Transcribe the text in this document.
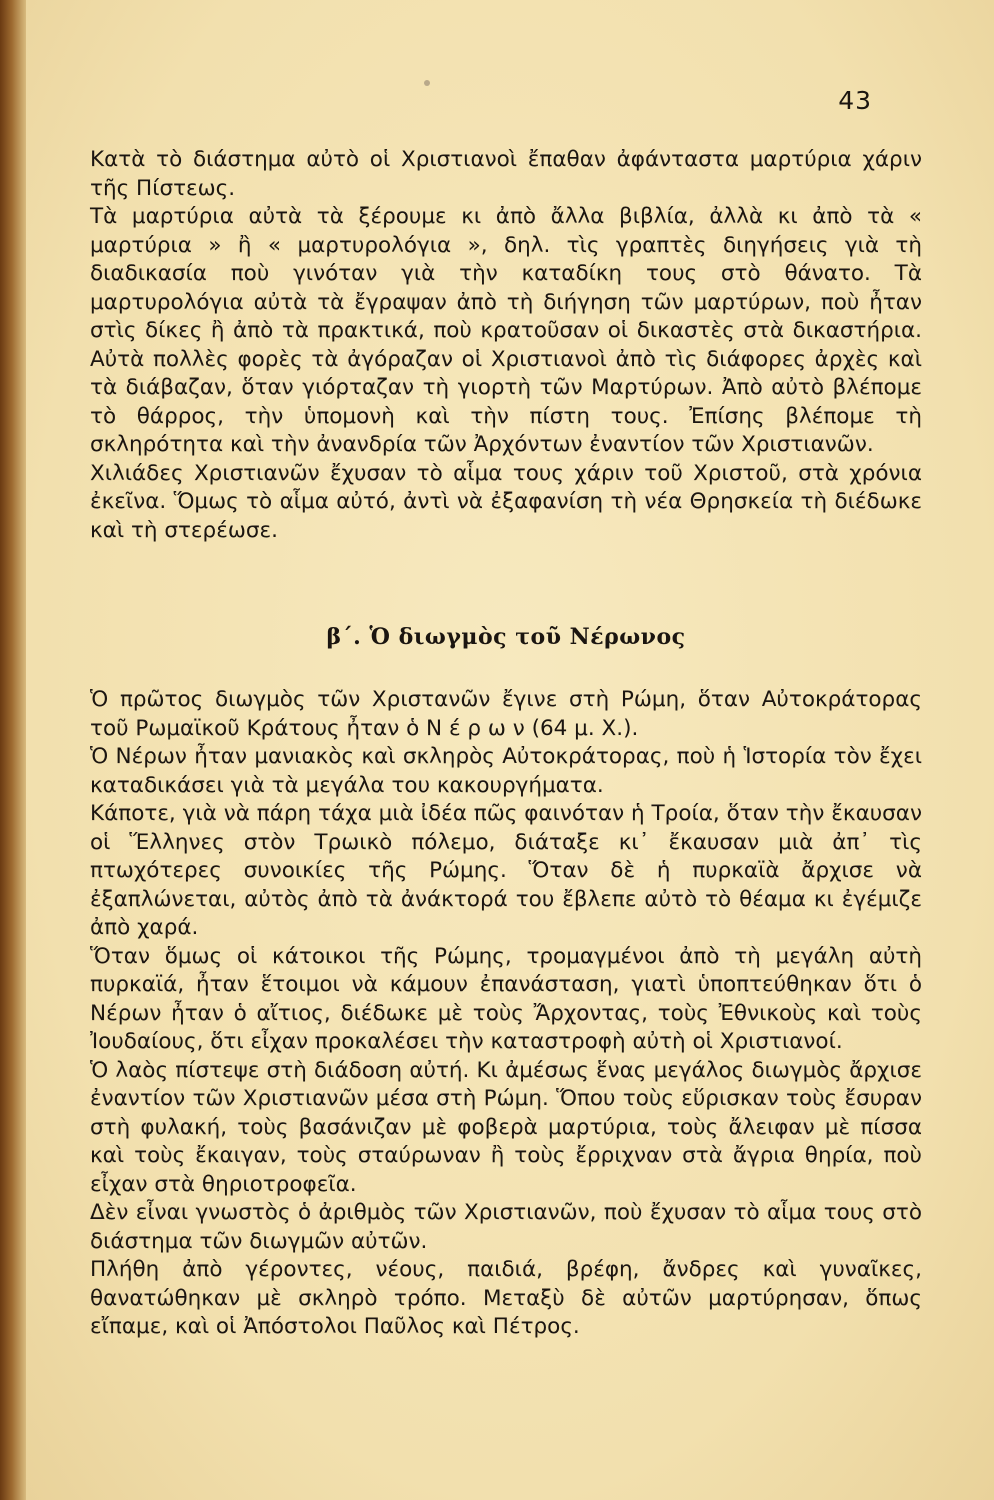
43

Κατὰ τὸ διάστημα αὐτὸ οἱ Χριστιανοὶ ἔπαθαν ἀφάνταστα μαρτύρια χάριν τῆς Πίστεως.

Τὰ μαρτύρια αὐτὰ τὰ ξέρουμε κι ἀπὸ ἄλλα βιβλία, ἀλλὰ κι ἀπὸ τὰ « μαρτύρια » ἢ « μαρτυρολόγια », δηλ. τὶς γραπτὲς διηγήσεις γιὰ τὴ διαδικασία ποὺ γινόταν γιὰ τὴν καταδίκη τους στὸ θάνατο. Τὰ μαρτυρολόγια αὐτὰ τὰ ἔγραψαν ἀπὸ τὴ διήγηση τῶν μαρτύρων, ποὺ ἦταν στὶς δίκες ἢ ἀπὸ τὰ πρακτικά, ποὺ κρατοῦσαν οἱ δικαστὲς στὰ δικαστήρια. Αὐτὰ πολλὲς φορὲς τὰ ἀγόραζαν οἱ Χριστιανοὶ ἀπὸ τὶς διάφορες ἀρχὲς καὶ τὰ διάβαζαν, ὅταν γιόρταζαν τὴ γιορτὴ τῶν Μαρτύρων. Ἀπὸ αὐτὸ βλέπομε τὸ θάρρος, τὴν ὑπομονὴ καὶ τὴν πίστη τους. Ἐπίσης βλέπομε τὴ σκληρότητα καὶ τὴν ἀνανδρία τῶν Ἀρχόντων ἐναντίον τῶν Χριστιανῶν.

Χιλιάδες Χριστιανῶν ἔχυσαν τὸ αἷμα τους χάριν τοῦ Χριστοῦ, στὰ χρόνια ἐκεῖνα. Ὅμως τὸ αἷμα αὐτό, ἀντὶ νὰ ἐξαφανίση τὴ νέα Θρησκεία τὴ διέδωκε καὶ τὴ στερέωσε.

β΄. Ὁ διωγμὸς τοῦ Νέρωνος

Ὁ πρῶτος διωγμὸς τῶν Χριστανῶν ἔγινε στὴ Ρώμη, ὅταν Αὐτοκράτορας τοῦ Ρωμαϊκοῦ Κράτους ἦταν ὁ Ν έ ρ ω ν (64 μ. Χ.).

Ὁ Νέρων ἦταν μανιακὸς καὶ σκληρὸς Αὐτοκράτορας, ποὺ ἡ Ἱστορία τὸν ἔχει καταδικάσει γιὰ τὰ μεγάλα του κακουργήματα.

Κάποτε, γιὰ νὰ πάρη τάχα μιὰ ἰδέα πῶς φαινόταν ἡ Τροία, ὅταν τὴν ἔκαυσαν οἱ Ἕλληνες στὸν Τρωικὸ πόλεμο, διάταξε κι᾿ ἔκαυσαν μιὰ ἀπ᾿ τὶς πτωχότερες συνοικίες τῆς Ρώμης. Ὅταν δὲ ἡ πυρκαϊὰ ἄρχισε νὰ ἐξαπλώνεται, αὐτὸς ἀπὸ τὰ ἀνάκτορά του ἔβλεπε αὐτὸ τὸ θέαμα κι ἐγέμιζε ἀπὸ χαρά.

Ὅταν ὅμως οἱ κάτοικοι τῆς Ρώμης, τρομαγμένοι ἀπὸ τὴ μεγάλη αὐτὴ πυρκαϊά, ἦταν ἕτοιμοι νὰ κάμουν ἐπανάσταση, γιατὶ ὑποπτεύθηκαν ὅτι ὁ Νέρων ἦταν ὁ αἴτιος, διέδωκε μὲ τοὺς Ἄρχοντας, τοὺς Ἐθνικοὺς καὶ τοὺς Ἰουδαίους, ὅτι εἶχαν προκαλέσει τὴν καταστροφὴ αὐτὴ οἱ Χριστιανοί.

Ὁ λαὸς πίστεψε στὴ διάδοση αὐτή. Κι ἀμέσως ἕνας μεγάλος διωγμὸς ἄρχισε ἐναντίον τῶν Χριστιανῶν μέσα στὴ Ρώμη. Ὅπου τοὺς εὕρισκαν τοὺς ἔσυραν στὴ φυλακή, τοὺς βασάνιζαν μὲ φοβερὰ μαρτύρια, τοὺς ἄλειφαν μὲ πίσσα καὶ τοὺς ἔκαιγαν, τοὺς σταύρωναν ἢ τοὺς ἔρριχναν στὰ ἄγρια θηρία, ποὺ εἶχαν στὰ θηριοτροφεῖα.

Δὲν εἶναι γνωστὸς ὁ ἀριθμὸς τῶν Χριστιανῶν, ποὺ ἔχυσαν τὸ αἷμα τους στὸ διάστημα τῶν διωγμῶν αὐτῶν.

Πλήθη ἀπὸ γέροντες, νέους, παιδιά, βρέφη, ἄνδρες καὶ γυναῖκες, θανατώθηκαν μὲ σκληρὸ τρόπο. Μεταξὺ δὲ αὐτῶν μαρτύρησαν, ὅπως εἴπαμε, καὶ οἱ Ἀπόστολοι Παῦλος καὶ Πέτρος.
